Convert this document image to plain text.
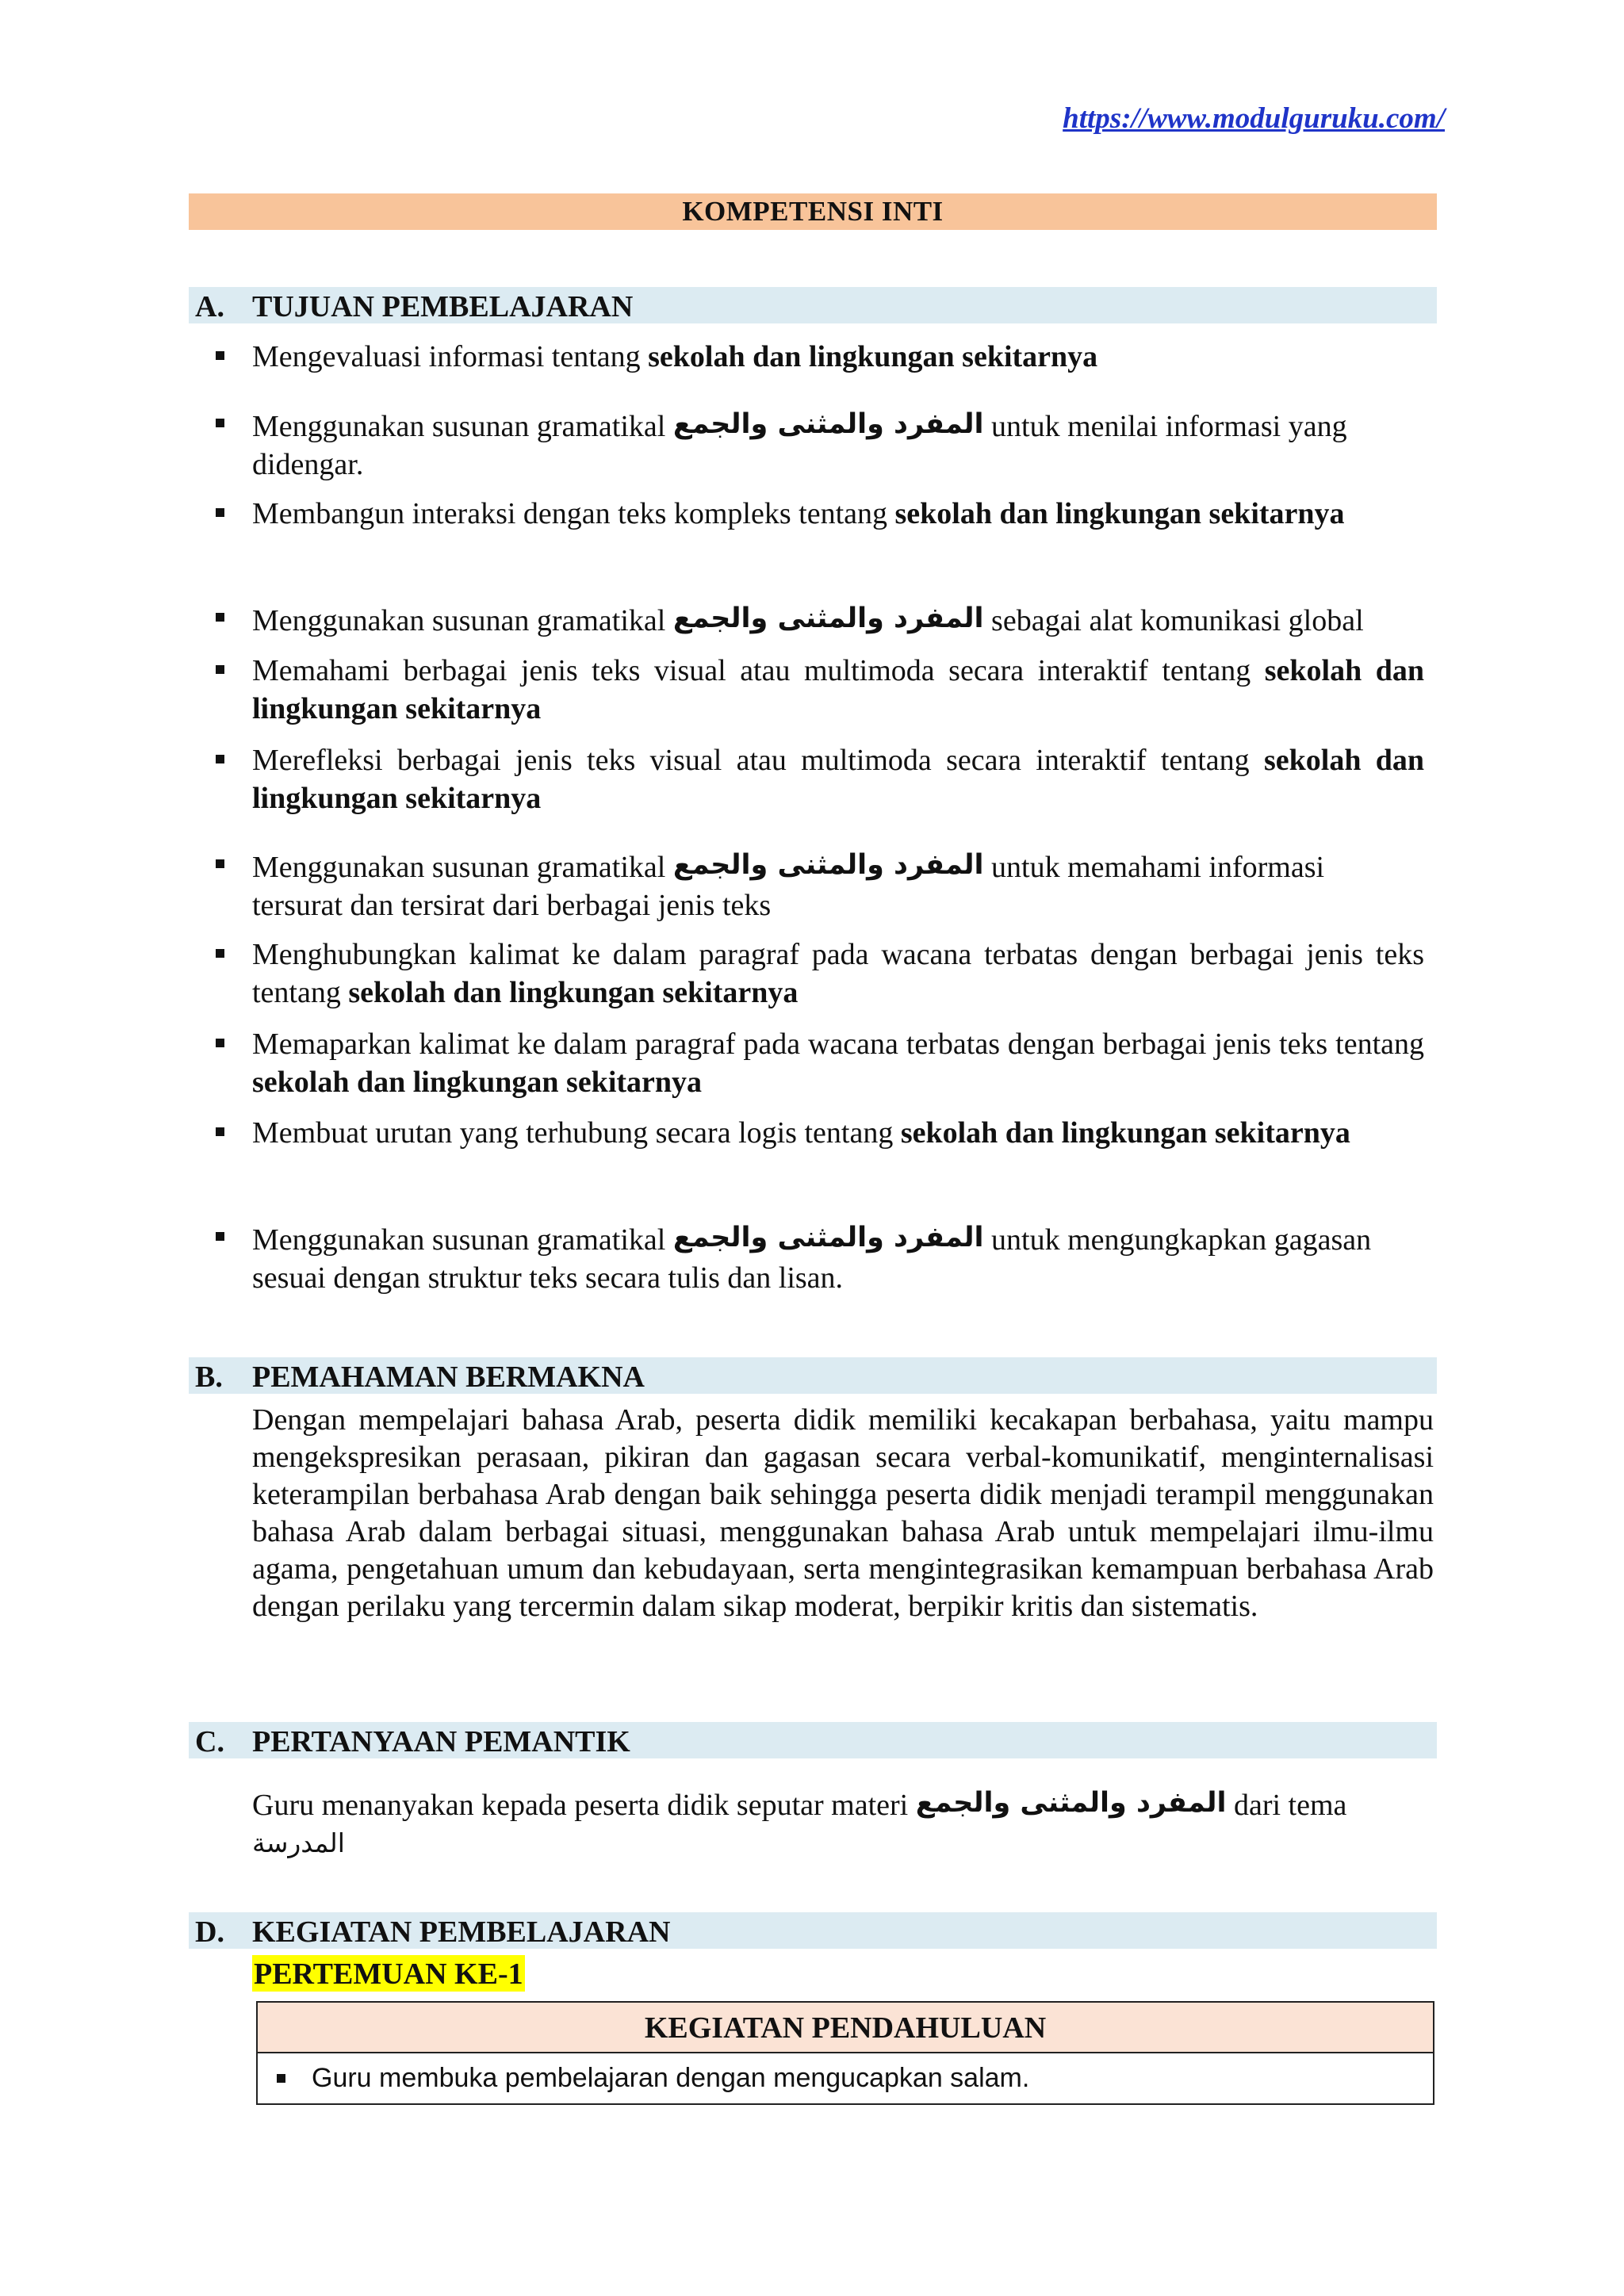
https://www.modulguruku.com/
KOMPETENSI INTI
A. TUJUAN PEMBELAJARAN
Mengevaluasi informasi tentang sekolah dan lingkungan sekitarnya
Menggunakan susunan gramatikal المفرد والمثنى والجمع untuk menilai informasi yang
didengar.
Membangun interaksi dengan teks kompleks tentang sekolah dan lingkungan sekitarnya
Menggunakan susunan gramatikal المفرد والمثنى والجمع sebagai alat komunikasi global
Memahami berbagai jenis teks visual atau multimoda secara interaktif tentang sekolah dan lingkungan sekitarnya
Merefleksi berbagai jenis teks visual atau multimoda secara interaktif tentang sekolah dan lingkungan sekitarnya
Menggunakan susunan gramatikal المفرد والمثنى والجمع untuk memahami informasi
tersurat dan tersirat dari berbagai jenis teks
Menghubungkan kalimat ke dalam paragraf pada wacana terbatas dengan berbagai jenis teks tentang sekolah dan lingkungan sekitarnya
Memaparkan kalimat ke dalam paragraf pada wacana terbatas dengan berbagai jenis teks tentang sekolah dan lingkungan sekitarnya
Membuat urutan yang terhubung secara logis tentang sekolah dan lingkungan sekitarnya
Menggunakan susunan gramatikal المفرد والمثنى والجمع untuk mengungkapkan gagasan
sesuai dengan struktur teks secara tulis dan lisan.
B. PEMAHAMAN BERMAKNA
Dengan mempelajari bahasa Arab, peserta didik memiliki kecakapan berbahasa, yaitu mampu mengekspresikan perasaan, pikiran dan gagasan secara verbal-komunikatif, menginternalisasi keterampilan berbahasa Arab dengan baik sehingga peserta didik menjadi terampil menggunakan bahasa Arab dalam berbagai situasi, menggunakan bahasa Arab untuk mempelajari ilmu-ilmu agama, pengetahuan umum dan kebudayaan, serta mengintegrasikan kemampuan berbahasa Arab dengan perilaku yang tercermin dalam sikap moderat, berpikir kritis dan sistematis.
C. PERTANYAAN PEMANTIK
Guru menanyakan kepada peserta didik seputar materi المفرد والمثنى والجمع dari tema
المدرسة
D. KEGIATAN PEMBELAJARAN
PERTEMUAN KE-1
KEGIATAN PENDAHULUAN
Guru membuka pembelajaran dengan mengucapkan salam.
